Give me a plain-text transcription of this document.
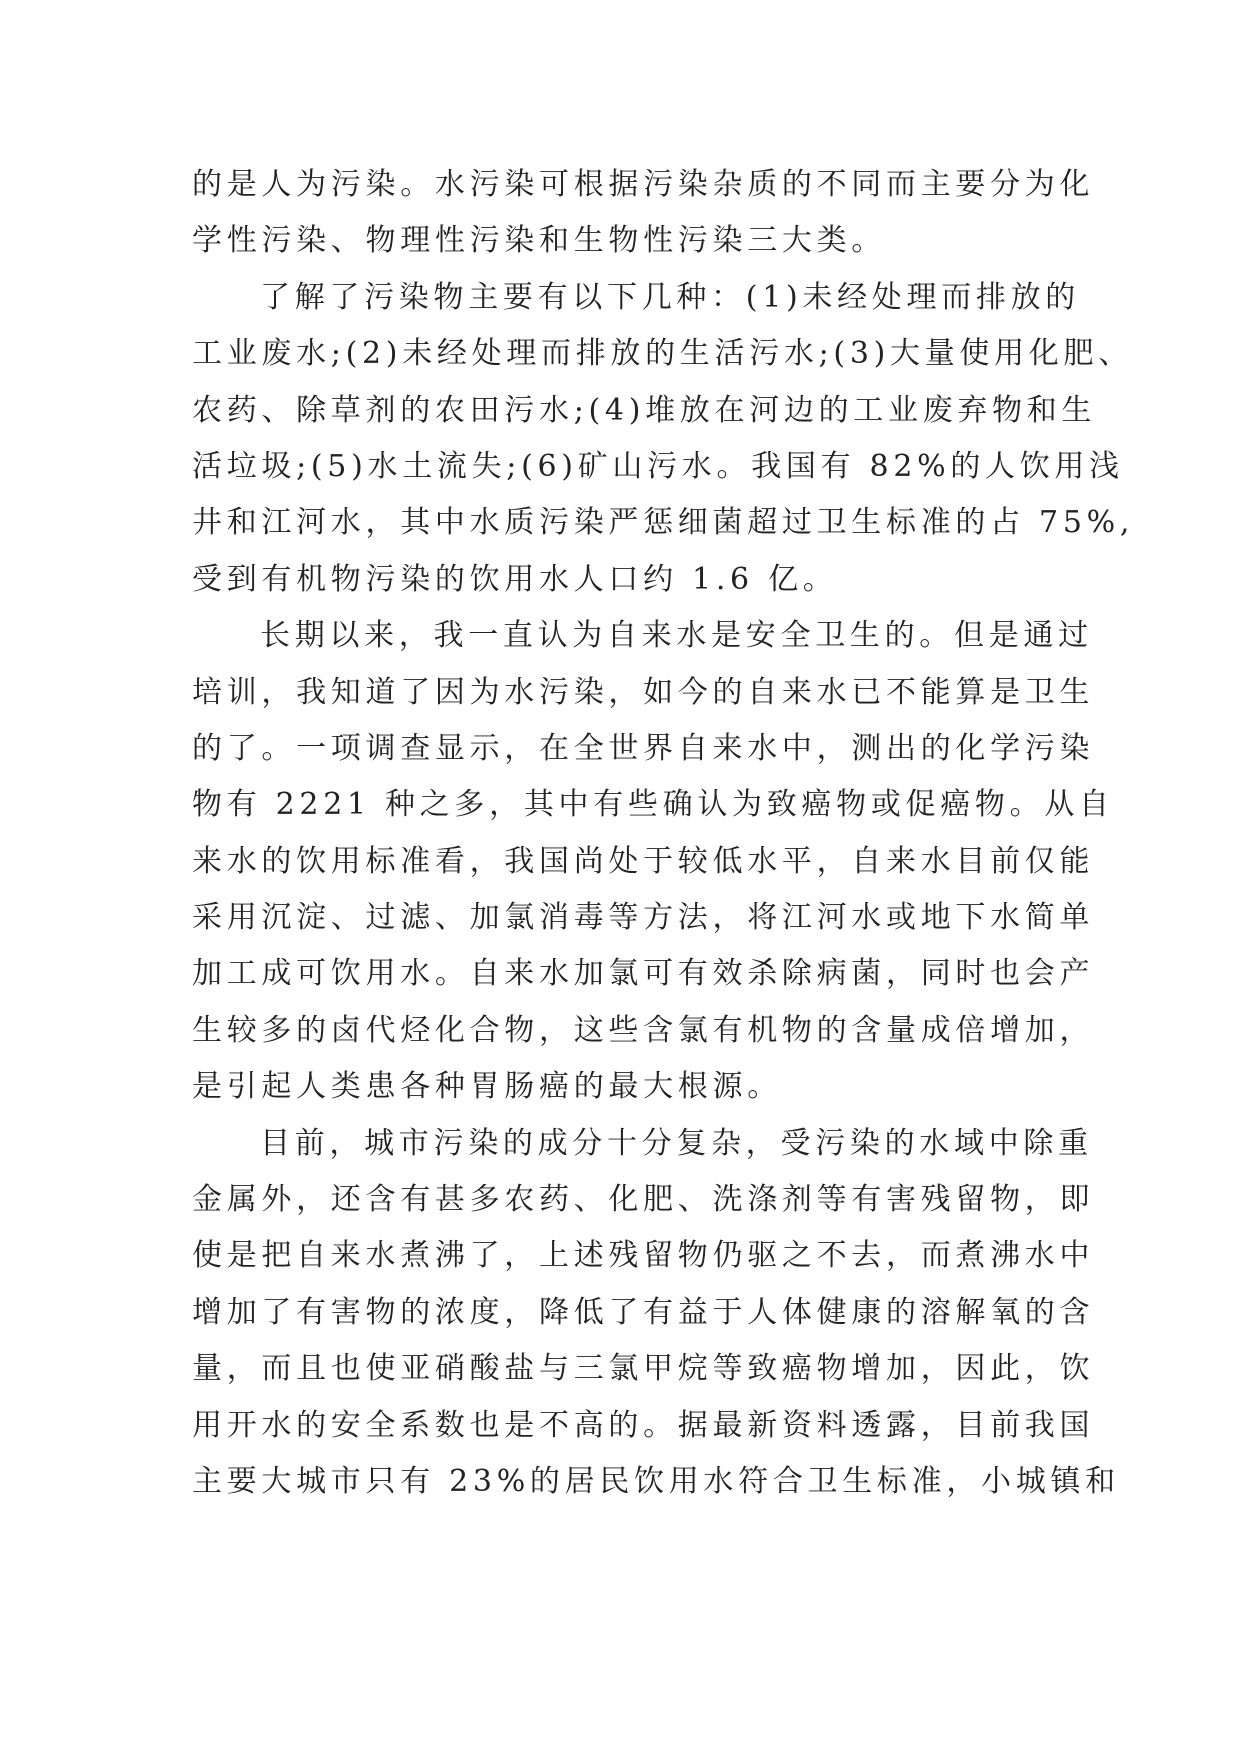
的是人为污染。水污染可根据污染杂质的不同而主要分为化
学性污染、物理性污染和生物性污染三大类。
了解了污染物主要有以下几种：(1)未经处理而排放的
工业废水;(2)未经处理而排放的生活污水;(3)大量使用化肥、
农药、除草剂的农田污水;(4)堆放在河边的工业废弃物和生
活垃圾;(5)水土流失;(6)矿山污水。我国有 82%的人饮用浅
井和江河水，其中水质污染严惩细菌超过卫生标准的占 75%,
受到有机物污染的饮用水人口约 1.6 亿。
长期以来，我一直认为自来水是安全卫生的。但是通过
培训，我知道了因为水污染，如今的自来水已不能算是卫生
的了。一项调查显示，在全世界自来水中，测出的化学污染
物有 2221 种之多，其中有些确认为致癌物或促癌物。从自
来水的饮用标准看，我国尚处于较低水平，自来水目前仅能
采用沉淀、过滤、加氯消毒等方法，将江河水或地下水简单
加工成可饮用水。自来水加氯可有效杀除病菌，同时也会产
生较多的卤代烃化合物，这些含氯有机物的含量成倍增加，
是引起人类患各种胃肠癌的最大根源。
目前，城市污染的成分十分复杂，受污染的水域中除重
金属外，还含有甚多农药、化肥、洗涤剂等有害残留物，即
使是把自来水煮沸了，上述残留物仍驱之不去，而煮沸水中
增加了有害物的浓度，降低了有益于人体健康的溶解氧的含
量，而且也使亚硝酸盐与三氯甲烷等致癌物增加，因此，饮
用开水的安全系数也是不高的。据最新资料透露，目前我国
主要大城市只有 23%的居民饮用水符合卫生标准，小城镇和
